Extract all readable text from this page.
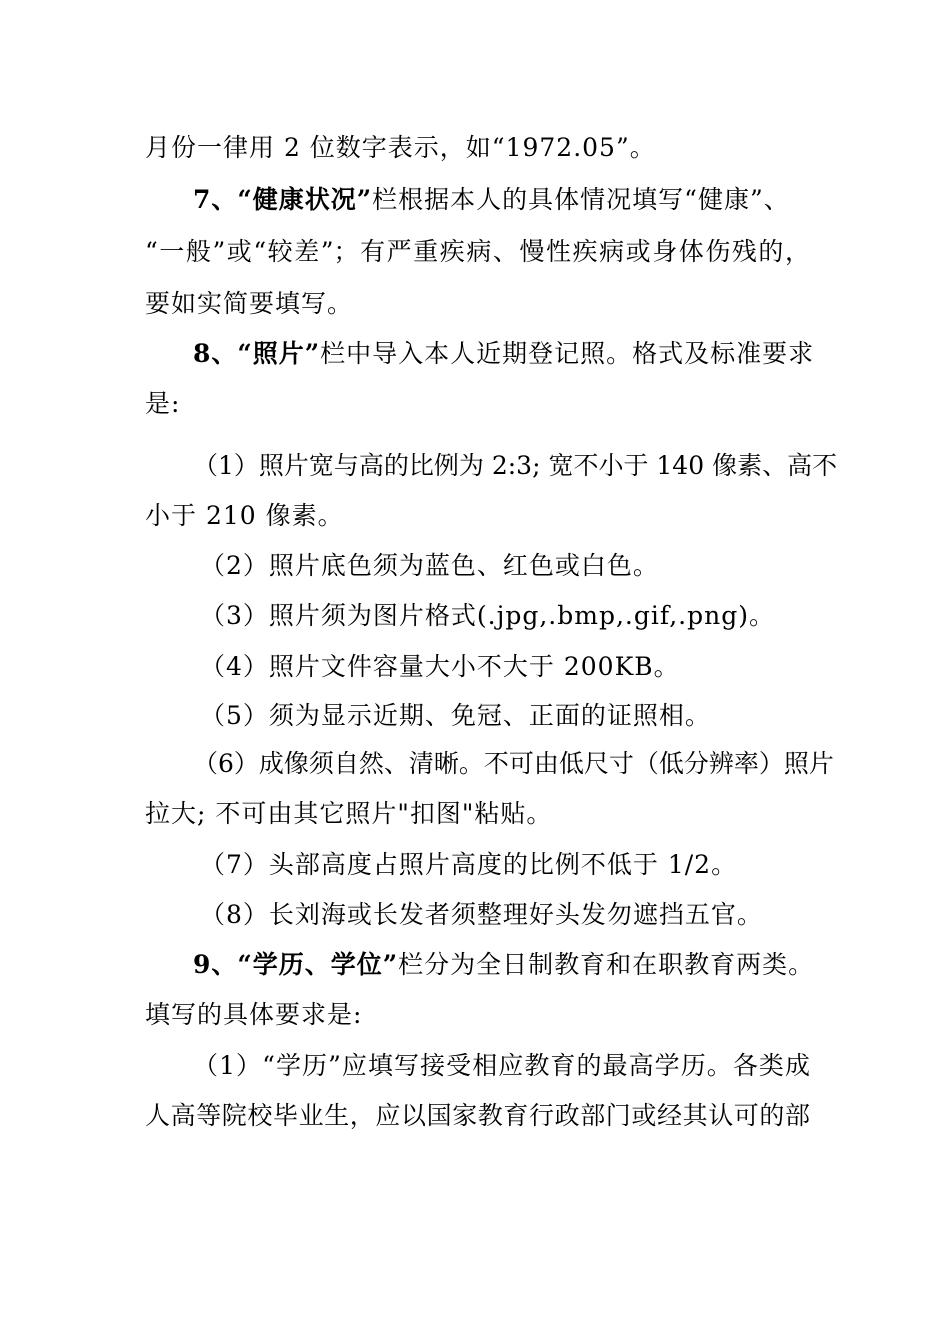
月份一律用 2 位数字表示，如“1972.05”。
7、“健康状况”栏根据本人的具体情况填写“健康”、
“一般”或“较差”；有严重疾病、慢性疾病或身体伤残的，
要如实简要填写。
8、“照片”栏中导入本人近期登记照。格式及标准要求
是:
（1）照片宽与高的比例为 2:3; 宽不小于 140 像素、高不
小于 210 像素。
（2）照片底色须为蓝色、红色或白色。
（3）照片须为图片格式(.jpg,.bmp,.gif,.png)。
（4）照片文件容量大小不大于 200KB。
（5）须为显示近期、免冠、正面的证照相。
（6）成像须自然、清晰。不可由低尺寸（低分辨率）照片
拉大; 不可由其它照片"扣图"粘贴。
（7）头部高度占照片高度的比例不低于 1/2。
（8）长刘海或长发者须整理好头发勿遮挡五官。
9、“学历、学位”栏分为全日制教育和在职教育两类。
填写的具体要求是:
（1）“学历”应填写接受相应教育的最高学历。各类成
人高等院校毕业生，应以国家教育行政部门或经其认可的部
